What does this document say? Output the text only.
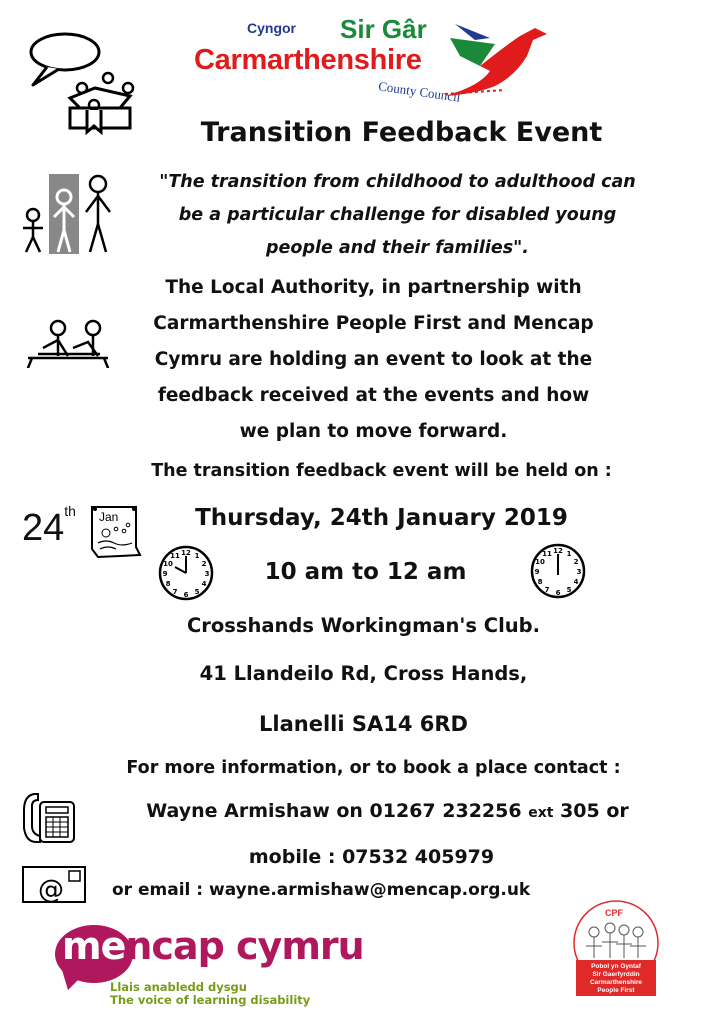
Cyngor Sir Gâr
Carmarthenshire
County Council
Transition Feedback Event
"The transition from childhood to adulthood can
be a particular challenge for disabled young
people and their families".
The Local Authority, in partnership with
Carmarthenshire People First and Mencap
Cymru are holding an event to look at the
feedback received at the events and how
we plan to move forward.
The transition feedback event will be held on :
24th Jan	Thursday, 24th January 2019
12 1
2
3
4
5
6
7
8
9
10
11
12 1
2
3
4
5
6
7
8
9
10
11
10 am to 12 am
Crosshands Workingman's Club.
41 Llandeilo Rd, Cross Hands,
Llanelli SA14 6RD
For more information, or to book a place contact :
Wayne Armishaw on 01267 232256 ext 305 or
mobile : 07532 405979
@	or email : wayne.armishaw@mencap.org.uk
mencap cymru
Llais anabledd dysgu
The voice of learning disability
CPF
Pobol yn Gyntaf
Sir Gaerfyrddin
Carmarthenshire
People First
